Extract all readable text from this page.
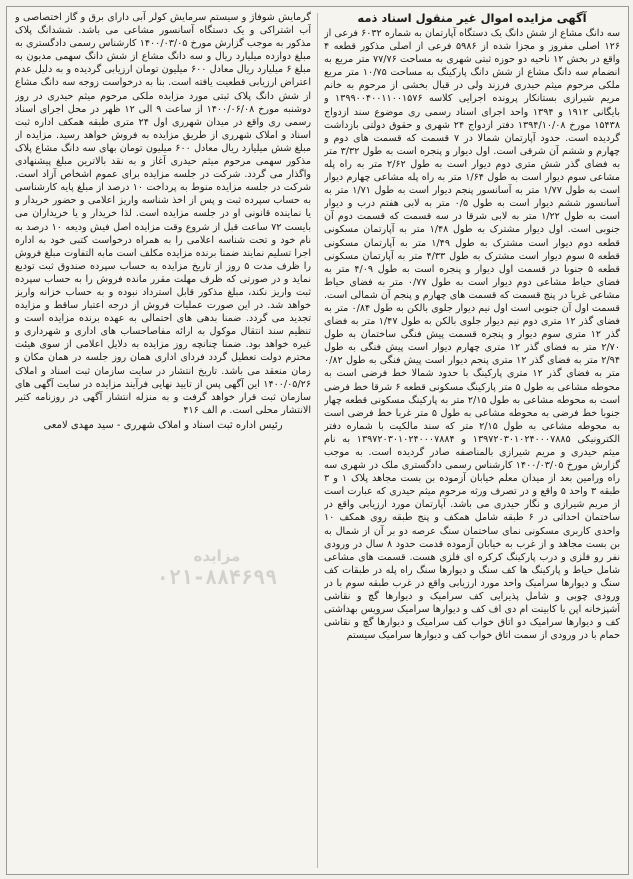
آگهی مزایده اموال غیر منقول اسناد ذمه

سه دانگ مشاع از شش دانگ یک دستگاه آپارتمان به شماره ۶۰۳۲ فرعی از ۱۲۶ اصلی مفروز و مجزا شده از ۵۹۸۶ فرعی از اصلی مذکور قطعه ۴ واقع در بخش ۱۲ ناحیه دو حوزه ثبتی شهری به مساحت ۷۷/۷۶ متر مربع به انضمام سه دانگ مشاع از شش دانگ پارکینگ به مساحت ۱۰/۷۵ متر مربع ملکی مرحوم میثم حیدری فرزند ولی در قبال بخشی از مرحوم به خانم مریم شیرازی بستانکار پرونده اجرایی کلاسه ۱۳۹۹۰۰۴۰۰۱۱۰۰۱۵۷۶ و بایگانی ۱۹۱۲ و ۱۳۹۴ واحد اجرای اسناد رسمی ری موضوع سند ازدواج ۱۵۴۳۸ مورخ ۱۳۹۴/۱۰/۰۸ دفتر ازدواج ۲۴ شهری و حقوق دولتی بازداشت گردیده است. حدود آپارتمان شمالا در ۷ قسمت که قسمت های دوم و چهارم و ششم آن شرقی است. اول دیوار و پنجره است به طول ۳/۳۲ متر به فضای گذر شش متری دوم دیوار است به طول ۲/۶۲ متر به راه پله مشاعی سوم دیوار است به طول ۱/۶۴ متر به راه پله مشاعی چهارم دیوار است به طول ۱/۷۷ متر به آسانسور پنجم دیوار است به طول ۱/۷۱ متر به آسانسور ششم دیوار است به طول ۰/۵ متر به لابی هفتم درب و دیوار است به طول ۱/۲۲ متر به لابی شرقا در سه قسمت که قسمت دوم آن جنوبی است. اول دیوار مشترک به طول ۱/۴۸ متر به آپارتمان مسکونی قطعه دوم دیوار است مشترک به طول ۱/۴۹ متر به آپارتمان مسکونی قطعه ۵ سوم دیوار است مشترک به طول ۴/۳۳ متر به آپارتمان مسکونی قطعه ۵ جنوبا در قسمت اول دیوار و پنجره است به طول ۴/۰۹ متر به فضای حیاط مشاعی دوم دیوار است به طول ۰/۷۷ متر به فضای حیاط مشاعی غربا در پنج قسمت که قسمت های چهارم و پنجم آن شمالی است. قسمت اول آن جنوبی است اول نیم دیوار جلوی بالکن به طول ۰/۸۴ متر به فضای گذر ۱۲ متری دوم نیم دیوار جلوی بالکن به طول ۱/۴۷ متر به فضای گذر ۱۲ متری سوم دیوار و پنجره قسمت پیش فنگی ساختمان به طول ۲/۷۰ متر به فضای گذر ۱۲ متری چهارم دیوار است پیش فنگی به طول ۲/۹۴ متر به فضای گذر ۱۲ متری پنجم دیوار است پیش فنگی به طول ۰/۸۲ متر به فضای گذر ۱۲ متری پارکینگ با حدود شمالا خط فرضی است به محوطه مشاعی به طول ۵ متر پارکینگ مسکونی قطعه ۶ شرقا خط فرضی است به محوطه مشاعی به طول ۲/۱۵ متر به پارکینگ مسکونی قطعه چهار جنوبا خط فرضی به محوطه مشاعی به طول ۵ متر غربا خط فرضی است به محوطه مشاعی به طول ۲/۱۵ متر که سند مالکیت با شماره دفتر الکترونیکی ۱۳۹۷۲۰۳۰۱۰۲۴۰۰۰۷۸۸۵ و ۱۳۹۷۲۰۳۰۱۰۲۴۰۰۰۷۸۸۴ به نام میثم حیدری و مریم شیرازی بالمناصفه صادر گردیده است. به موجب گزارش مورخ ۱۴۰۰/۰۳/۰۵ کارشناس رسمی دادگستری ملک در شهری سه راه ورامین بعد از میدان معلم خیابان آزموده بن بست مجاهد پلاک ۱ و ۳ طبقه ۳ واحد ۵ واقع و در تصرف ورثه مرحوم میثم حیدری که عبارت است از مریم شیرازی و نگار حیدری می باشد. آپارتمان مورد ارزیابی واقع در ساختمان احداثی در ۶ طبقه شامل همکف و پنج طبقه روی همکف ۱۰ واحدی کاربری مسکونی نمای ساختمان سنگ عرصه دو بر آن از شمال به بن بست مجاهد و از غرب به خیابان آزموده قدمت حدود ۸ سال در ورودی نفر رو فلزی و درب پارکینگ کرکره ای فلزی هست. قسمت های مشاعی شامل حیاط و پارکینگ ها کف سنگ و دیوارها سنگ راه پله در طبقات کف سنگ و دیوارها سرامیک واحد مورد ارزیابی واقع در غرب طبقه سوم با در ورودی چوبی و شامل پذیرایی کف سرامیک و دیوارها گچ و نقاشی آشپزخانه اپن با کابینت ام دی اف کف و دیوارها سرامیک سرویس بهداشتی کف و دیوارها سرامیک دو اتاق خواب کف سرامیک و دیوارها گچ و نقاشی حمام با در ورودی از سمت اتاق خواب کف و دیوارها سرامیک سیستم

گرمایش شوفاژ و سیستم سرمایش کولر آبی دارای برق و گاز اختصاصی و آب اشتراکی و یک دستگاه آسانسور مشاعی می باشد. ششدانگ پلاک مذکور به موجب گزارش مورخ ۱۴۰۰/۰۳/۰۵ کارشناس رسمی دادگستری به مبلغ دوازده میلیارد ریال و سه دانگ مشاع از شش دانگ سهمی مدیون به مبلغ ۶ میلیارد ریال معادل ۶۰۰ میلیون تومان ارزیابی گردیده و به دلیل عدم اعتراض ارزیابی قطعیت یافته است. بنا به درخواست زوجه سه دانگ مشاع از شش دانگ پلاک ثبتی مورد مزایده ملکی مرحوم میثم حیدری در روز دوشنبه مورخ ۱۴۰۰/۰۶/۰۸ از ساعت ۹ الی ۱۲ ظهر در محل اجرای اسناد رسمی ری واقع در میدان شهرری اول ۲۴ متری طبقه همکف اداره ثبت اسناد و املاک شهرری از طریق مزایده به فروش خواهد رسید. مزایده از مبلغ شش میلیارد ریال معادل ۶۰۰ میلیون تومان بهای سه دانگ مشاع پلاک مذکور سهمی مرحوم میثم حیدری آغاز و به نقد بالاترین مبلغ پیشنهادی واگذار می گردد. شرکت در جلسه مزایده برای عموم اشخاص آزاد است. شرکت در جلسه مزایده منوط به پرداخت ۱۰ درصد از مبلغ پایه کارشناسی به حساب سپرده ثبت و پس از اخذ شناسه واریز اعلامی و حضور خریدار و یا نماینده قانونی او در جلسه مزایده است. لذا خریدار و یا خریداران می بایست ۷۲ ساعت قبل از شروع وقت مزایده اصل فیش ودیعه ۱۰ درصد به نام خود و تحت شناسه اعلامی را به همراه درخواست کتبی خود به اداره اجرا تسلیم نمایند ضمنا برنده مزایده مکلف است مابه التفاوت مبلغ فروش را ظرف مدت ۵ روز از تاریخ مزایده به حساب سپرده صندوق ثبت تودیع نماید و در صورتی که ظرف مهلت مقرر مانده فروش را به حساب سپرده ثبت واریز نکند، مبلغ مذکور قابل استرداد نبوده و به حساب خزانه واریز خواهد شد. در این صورت عملیات فروش از درجه اعتبار ساقط و مزایده تجدید می گردد. ضمنا بدهی های احتمالی به عهده برنده مزایده است و تنظیم سند انتقال موکول به ارائه مفاصاحساب های اداری و شهرداری و غیره خواهد بود. ضمنا چنانچه روز مزایده به دلایل اعلامی از سوی هیئت محترم دولت تعطیل گردد فردای اداری همان روز جلسه در همان مکان و زمان منعقد می باشد. تاریخ انتشار در سایت سازمان ثبت اسناد و املاک ۱۴۰۰/۰۵/۲۶ این آگهی پس از تایید نهایی فرآیند مزایده در سایت آگهی های سازمان ثبت قرار خواهد گرفت و به منزله انتشار آگهی در روزنامه کثیر الانتشار محلی است. م الف ۴۱۶

رئیس اداره ثبت اسناد و املاک شهرری - سید مهدی لامعی
مزایده
۰۲۱-۸۸۴۶۹۹
